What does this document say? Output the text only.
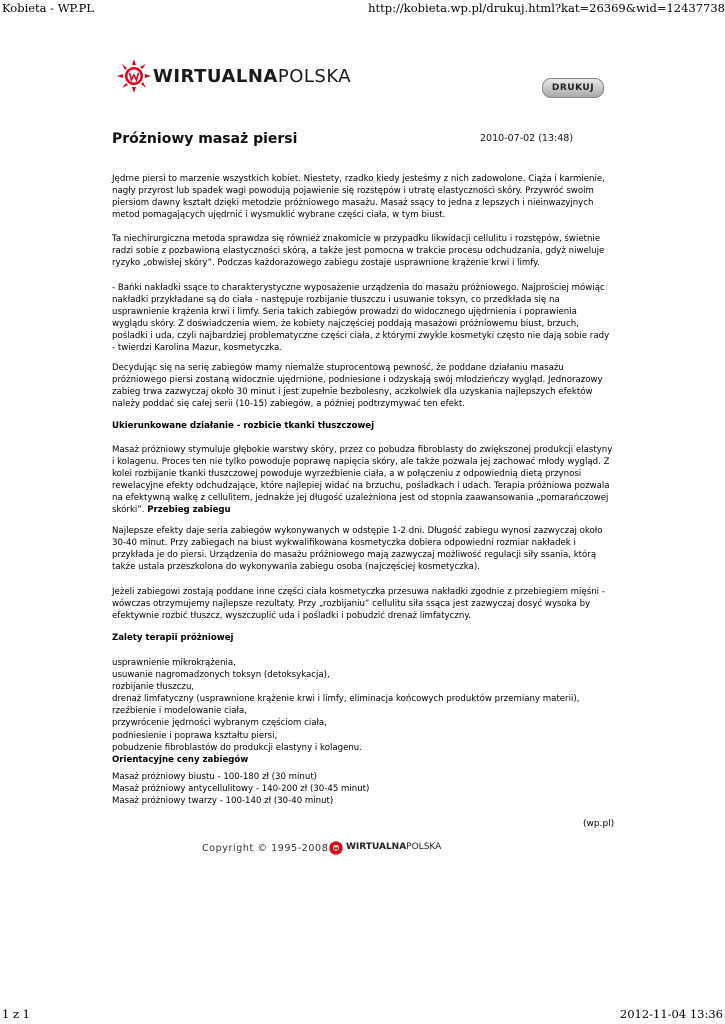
Kobieta - WP.PL	http://kobieta.wp.pl/drukuj.html?kat=26369&wid=12437738
WIRTUALNAPOLSKA
DRUKUJ
Próżniowy masaż piersi	2010-07-02 (13:48)

Jędrne piersi to marzenie wszystkich kobiet. Niestety, rzadko kiedy jesteśmy z nich zadowolone. Ciąża i karmienie, nagły przyrost lub spadek wagi powodują pojawienie się rozstępów i utratę elastyczności skóry. Przywróć swoim piersiom dawny kształt dzięki metodzie próżniowego masażu. Masaż ssący to jedna z lepszych i nieinwazyjnych metod pomagających ujędrnić i wysmuklić wybrane części ciała, w tym biust.

Ta niechirurgiczna metoda sprawdza się również znakomicie w przypadku likwidacji cellulitu i rozstępów, świetnie radzi sobie z pozbawioną elastyczności skórą, a także jest pomocna w trakcie procesu odchudzania, gdyż niweluje ryzyko „obwisłej skóry”. Podczas każdorazowego zabiegu zostaje usprawnione krążenie krwi i limfy.

- Bańki nakładki ssące to charakterystyczne wyposażenie urządzenia do masażu próżniowego. Najprościej mówiąc nakładki przykładane są do ciała - następuje rozbijanie tłuszczu i usuwanie toksyn, co przedkłada się na usprawnienie krążenia krwi i limfy. Seria takich zabiegów prowadzi do widocznego ujędrnienia i poprawienia wyglądu skóry. Z doświadczenia wiem, że kobiety najczęściej poddają masażowi próżniowemu biust, brzuch, pośladki i uda, czyli najbardziej problematyczne części ciała, z którymi zwykle kosmetyki często nie dają sobie rady - twierdzi Karolina Mazur, kosmetyczka.

Decydując się na serię zabiegów mamy niemalże stuprocentową pewność, że poddane działaniu masażu próżniowego piersi zostaną widocznie ujędrnione, podniesione i odzyskają swój młodzieńczy wygląd. Jednorazowy zabieg trwa zazwyczaj około 30 minut i jest zupełnie bezbolesny, aczkolwiek dla uzyskania najlepszych efektów należy poddać się całej serii (10-15) zabiegów, a później podtrzymywać ten efekt.

Ukierunkowane działanie - rozbicie tkanki tłuszczowej

Masaż próżniowy stymuluje głębokie warstwy skóry, przez co pobudza fibroblasty do zwiększonej produkcji elastyny i kolagenu. Proces ten nie tylko powoduje poprawę napięcia skóry, ale także pozwala jej zachować młody wygląd. Z kolei rozbijanie tkanki tłuszczowej powoduje wyrzeźbienie ciała, a w połączeniu z odpowiednią dietą przynosi rewelacyjne efekty odchudzające, które najlepiej widać na brzuchu, pośladkach i udach. Terapia próżniowa pozwala na efektywną walkę z cellulitem, jednakże jej długość uzależniona jest od stopnia zaawansowania „pomarańczowej skórki”. Przebieg zabiegu

Najlepsze efekty daje seria zabiegów wykonywanych w odstępie 1-2 dni. Długość zabiegu wynosi zazwyczaj około 30-40 minut. Przy zabiegach na biust wykwalifikowana kosmetyczka dobiera odpowiedni rozmiar nakładek i przykłada je do piersi. Urządzenia do masażu próżniowego mają zazwyczaj możliwość regulacji siły ssania, którą także ustala przeszkolona do wykonywania zabiegu osoba (najczęściej kosmetyczka).

Jeżeli zabiegowi zostają poddane inne części ciała kosmetyczka przesuwa nakładki zgodnie z przebiegiem mięśni - wówczas otrzymujemy najlepsze rezultaty. Przy „rozbijaniu” cellulitu siła ssąca jest zazwyczaj dosyć wysoka by efektywnie rozbić tłuszcz, wyszczuplić uda i pośladki i pobudzić drenaż limfatyczny.

Zalety terapii próżniowej

usprawnienie mikrokrążenia,
usuwanie nagromadzonych toksyn (detoksykacja),
rozbijanie tłuszczu,
drenaż limfatyczny (usprawnione krążenie krwi i limfy, eliminacja końcowych produktów przemiany materii),
rzeźbienie i modelowanie ciała,
przywrócenie jędrności wybranym częściom ciała,
podniesienie i poprawa kształtu piersi,
pobudzenie fibroblastów do produkcji elastyny i kolagenu.
Orientacyjne ceny zabiegów
Masaż próżniowy biustu - 100-180 zł (30 minut)
Masaż próżniowy antycellulitowy - 140-200 zł (30-45 minut)
Masaż próżniowy twarzy - 100-140 zł (30-40 minut)
(wp.pl)
Copyright © 1995-2008 WIRTUALNAPOLSKA
1 z 1	2012-11-04 13:36
